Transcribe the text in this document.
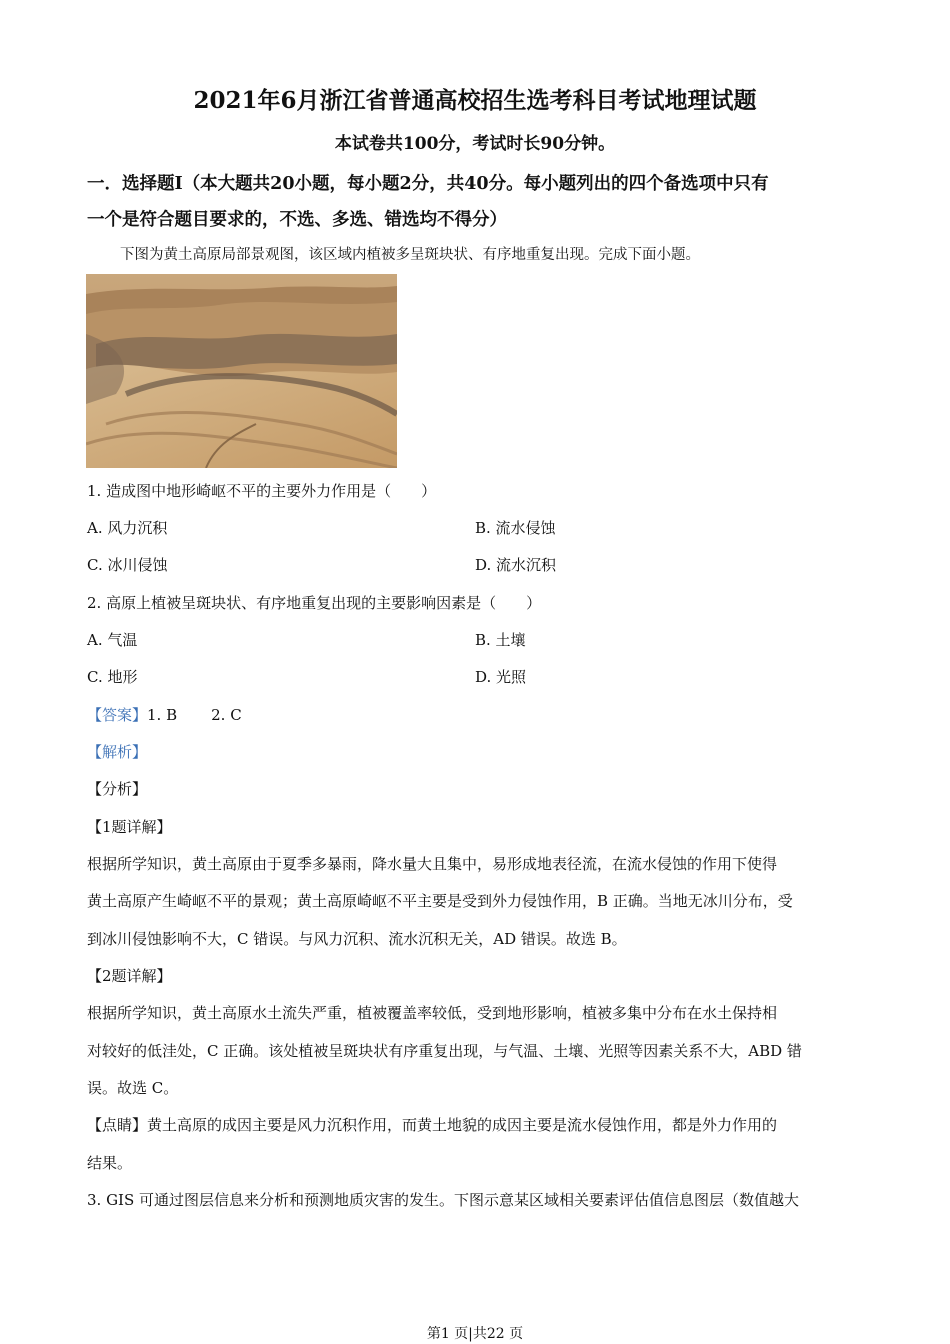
2021年6月浙江省普通高校招生选考科目考试地理试题
本试卷共100分，考试时长90分钟。
一．选择题Ⅰ（本大题共20小题，每小题2分，共40分。每小题列出的四个备选项中只有
一个是符合题目要求的，不选、多选、错选均不得分）
下图为黄土高原局部景观图，该区域内植被多呈斑块状、有序地重复出现。完成下面小题。
1. 造成图中地形崎岖不平的主要外力作用是（　　）
A. 风力沉积	B. 流水侵蚀
C. 冰川侵蚀	D. 流水沉积
2. 高原上植被呈斑块状、有序地重复出现的主要影响因素是（　　）
A. 气温	B. 土壤
C. 地形	D. 光照
【答案】1. B 2. C
【解析】
【分析】
【1题详解】
根据所学知识，黄土高原由于夏季多暴雨，降水量大且集中，易形成地表径流，在流水侵蚀的作用下使得
黄土高原产生崎岖不平的景观；黄土高原崎岖不平主要是受到外力侵蚀作用，B 正确。当地无冰川分布，受
到冰川侵蚀影响不大，C 错误。与风力沉积、流水沉积无关，AD 错误。故选 B。
【2题详解】
根据所学知识，黄土高原水土流失严重，植被覆盖率较低，受到地形影响，植被多集中分布在水土保持相
对较好的低洼处，C 正确。该处植被呈斑块状有序重复出现，与气温、土壤、光照等因素关系不大，ABD 错
误。故选 C。
【点睛】黄土高原的成因主要是风力沉积作用，而黄土地貌的成因主要是流水侵蚀作用，都是外力作用的
结果。
3. GIS 可通过图层信息来分析和预测地质灾害的发生。下图示意某区域相关要素评估值信息图层（数值越大
第1 页|共22 页
